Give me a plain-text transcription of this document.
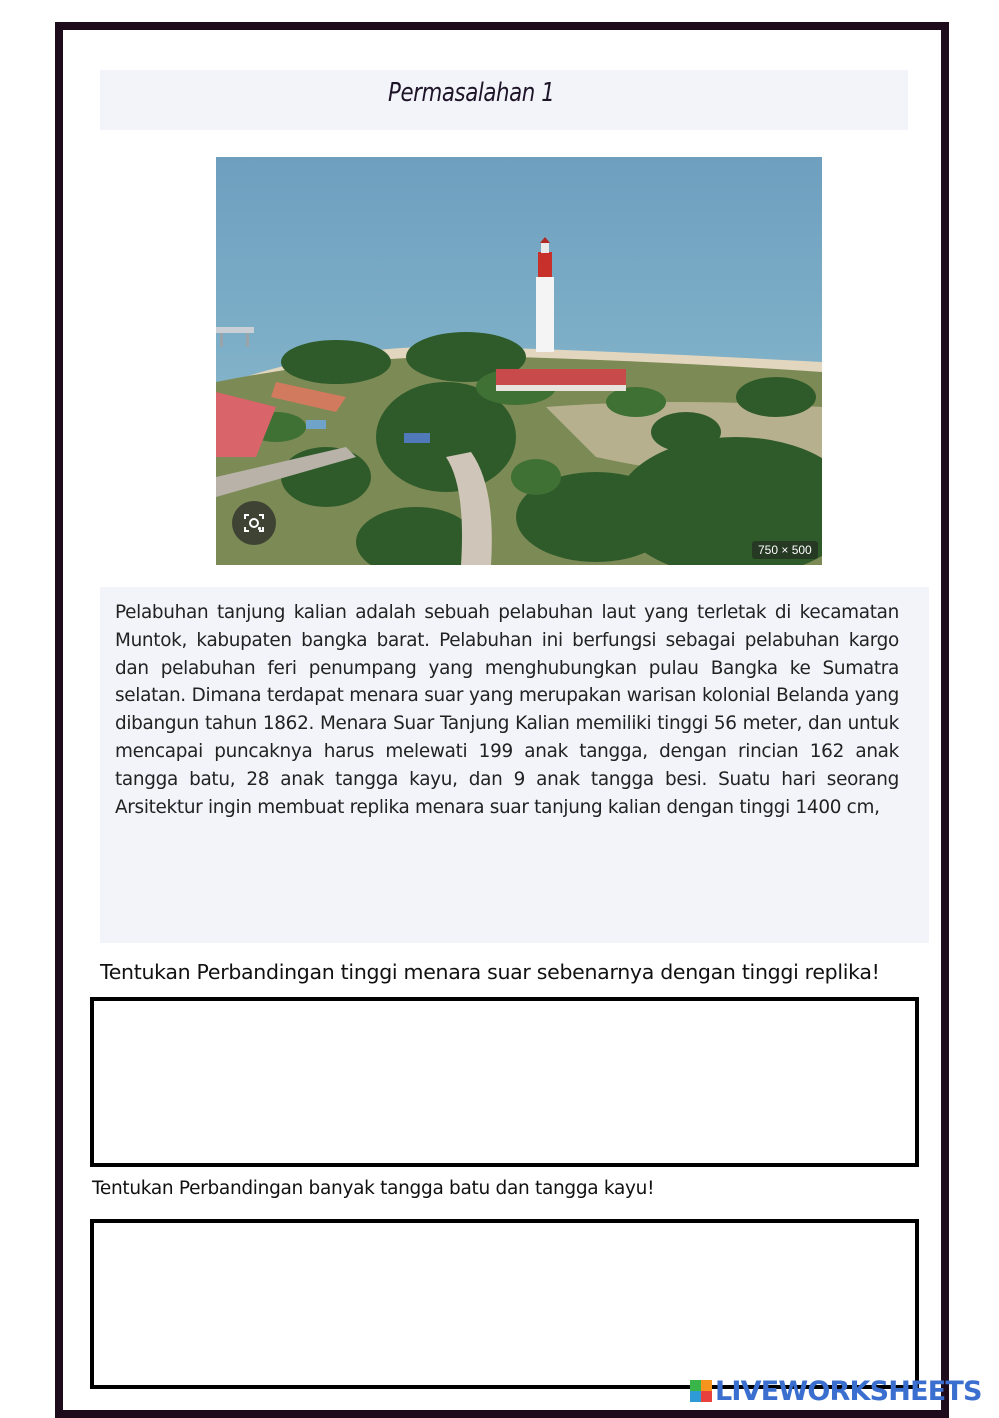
Permasalahan 1
750 × 500

Pelabuhan tanjung kalian adalah sebuah pelabuhan laut yang terletak di kecamatan Muntok, kabupaten bangka barat. Pelabuhan ini berfungsi sebagai pelabuhan kargo dan pelabuhan feri penumpang yang menghubungkan pulau Bangka ke Sumatra selatan. Dimana terdapat menara suar yang merupakan warisan kolonial Belanda yang dibangun tahun 1862. Menara Suar Tanjung Kalian memiliki tinggi 56 meter, dan untuk mencapai puncaknya harus melewati 199 anak tangga, dengan rincian 162 anak tangga batu, 28 anak tangga kayu, dan 9 anak tangga besi. Suatu hari seorang Arsitektur ingin membuat replika menara suar tanjung kalian dengan tinggi 1400 cm,

Tentukan Perbandingan tinggi menara suar sebenarnya dengan tinggi replika!
Tentukan Perbandingan banyak tangga batu dan tangga kayu!
LIVEWORKSHEETS
